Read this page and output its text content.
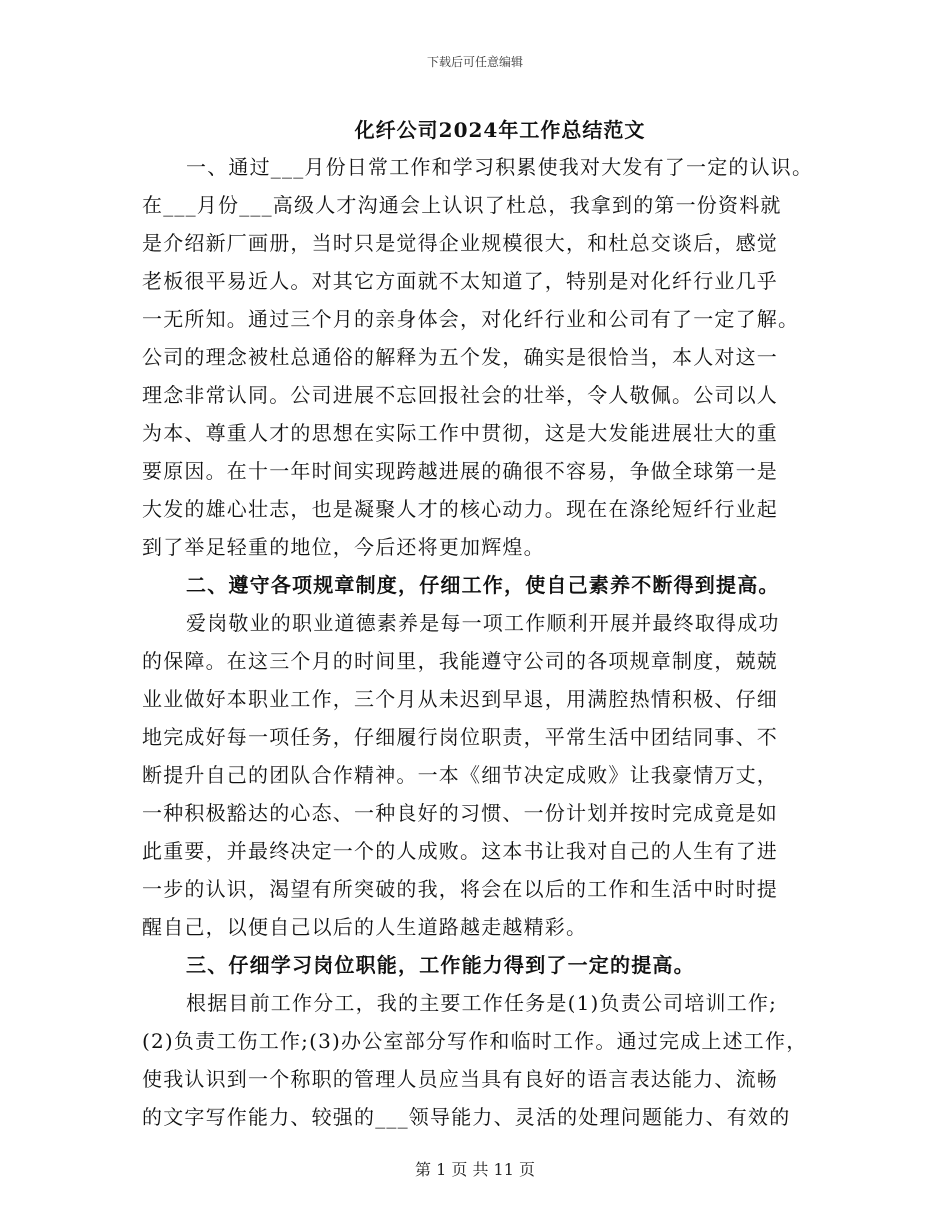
下载后可任意编辑
化纤公司2024年工作总结范文
一、通过___月份日常工作和学习积累使我对大发有了一定的认识。
在___月份___高级人才沟通会上认识了杜总，我拿到的第一份资料就
是介绍新厂画册，当时只是觉得企业规模很大，和杜总交谈后，感觉
老板很平易近人。对其它方面就不太知道了，特别是对化纤行业几乎
一无所知。通过三个月的亲身体会，对化纤行业和公司有了一定了解。
公司的理念被杜总通俗的解释为五个发，确实是很恰当，本人对这一
理念非常认同。公司进展不忘回报社会的壮举，令人敬佩。公司以人
为本、尊重人才的思想在实际工作中贯彻，这是大发能进展壮大的重
要原因。在十一年时间实现跨越进展的确很不容易，争做全球第一是
大发的雄心壮志，也是凝聚人才的核心动力。现在在涤纶短纤行业起
到了举足轻重的地位，今后还将更加辉煌。
二、遵守各项规章制度，仔细工作，使自己素养不断得到提高。
爱岗敬业的职业道德素养是每一项工作顺利开展并最终取得成功
的保障。在这三个月的时间里，我能遵守公司的各项规章制度，兢兢
业业做好本职业工作，三个月从未迟到早退，用满腔热情积极、仔细
地完成好每一项任务，仔细履行岗位职责，平常生活中团结同事、不
断提升自己的团队合作精神。一本《细节决定成败》让我豪情万丈，
一种积极豁达的心态、一种良好的习惯、一份计划并按时完成竟是如
此重要，并最终决定一个的人成败。这本书让我对自己的人生有了进
一步的认识，渴望有所突破的我，将会在以后的工作和生活中时时提
醒自己，以便自己以后的人生道路越走越精彩。
三、仔细学习岗位职能，工作能力得到了一定的提高。
根据目前工作分工，我的主要工作任务是(1)负责公司培训工作;
(2)负责工伤工作;(3)办公室部分写作和临时工作。通过完成上述工作，
使我认识到一个称职的管理人员应当具有良好的语言表达能力、流畅
的文字写作能力、较强的___领导能力、灵活的处理问题能力、有效的
第 1 页 共 11 页
